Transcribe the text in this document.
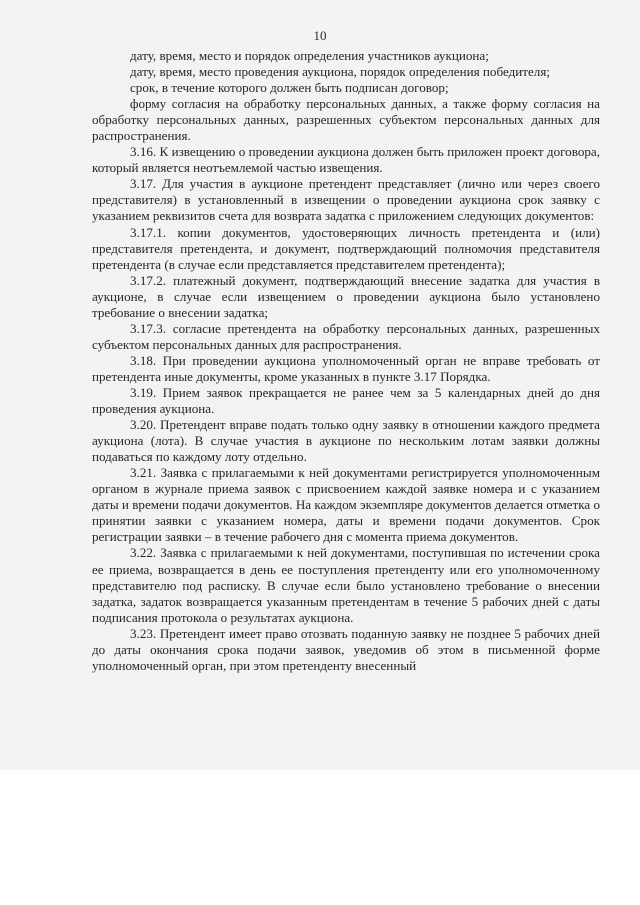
10

дату, время, место и порядок определения участников аукциона;

дату, время, место проведения аукциона, порядок определения победителя;

срок, в течение которого должен быть подписан договор;

форму согласия на обработку персональных данных, а также форму согласия на обработку персональных данных, разрешенных субъектом персональных данных для распространения.

3.16. К извещению о проведении аукциона должен быть приложен проект договора, который является неотъемлемой частью извещения.

3.17. Для участия в аукционе претендент представляет (лично или через своего представителя) в установленный в извещении о проведении аукциона срок заявку с указанием реквизитов счета для возврата задатка с приложением следующих документов:

3.17.1. копии документов, удостоверяющих личность претендента и (или) представителя претендента, и документ, подтверждающий полномочия представителя претендента (в случае если представляется представителем претендента);

3.17.2. платежный документ, подтверждающий внесение задатка для участия в аукционе, в случае если извещением о проведении аукциона было установлено требование о внесении задатка;

3.17.3. согласие претендента на обработку персональных данных, разрешенных субъектом персональных данных для распространения.

3.18. При проведении аукциона уполномоченный орган не вправе требовать от претендента иные документы, кроме указанных в пункте 3.17 Порядка.

3.19. Прием заявок прекращается не ранее чем за 5 календарных дней до дня проведения аукциона.

3.20. Претендент вправе подать только одну заявку в отношении каждого предмета аукциона (лота). В случае участия в аукционе по нескольким лотам заявки должны подаваться по каждому лоту отдельно.

3.21. Заявка с прилагаемыми к ней документами регистрируется уполномоченным органом в журнале приема заявок с присвоением каждой заявке номера и с указанием даты и времени подачи документов. На каждом экземпляре документов делается отметка о принятии заявки с указанием номера, даты и времени подачи документов. Срок регистрации заявки – в течение рабочего дня с момента приема документов.

3.22. Заявка с прилагаемыми к ней документами, поступившая по истечении срока ее приема, возвращается в день ее поступления претенденту или его уполномоченному представителю под расписку. В случае если было установлено требование о внесении задатка, задаток возвращается указанным претендентам в течение 5 рабочих дней с даты подписания протокола о результатах аукциона.

3.23. Претендент имеет право отозвать поданную заявку не позднее 5 рабочих дней до даты окончания срока подачи заявок, уведомив об этом в письменной форме уполномоченный орган, при этом претенденту внесенный
